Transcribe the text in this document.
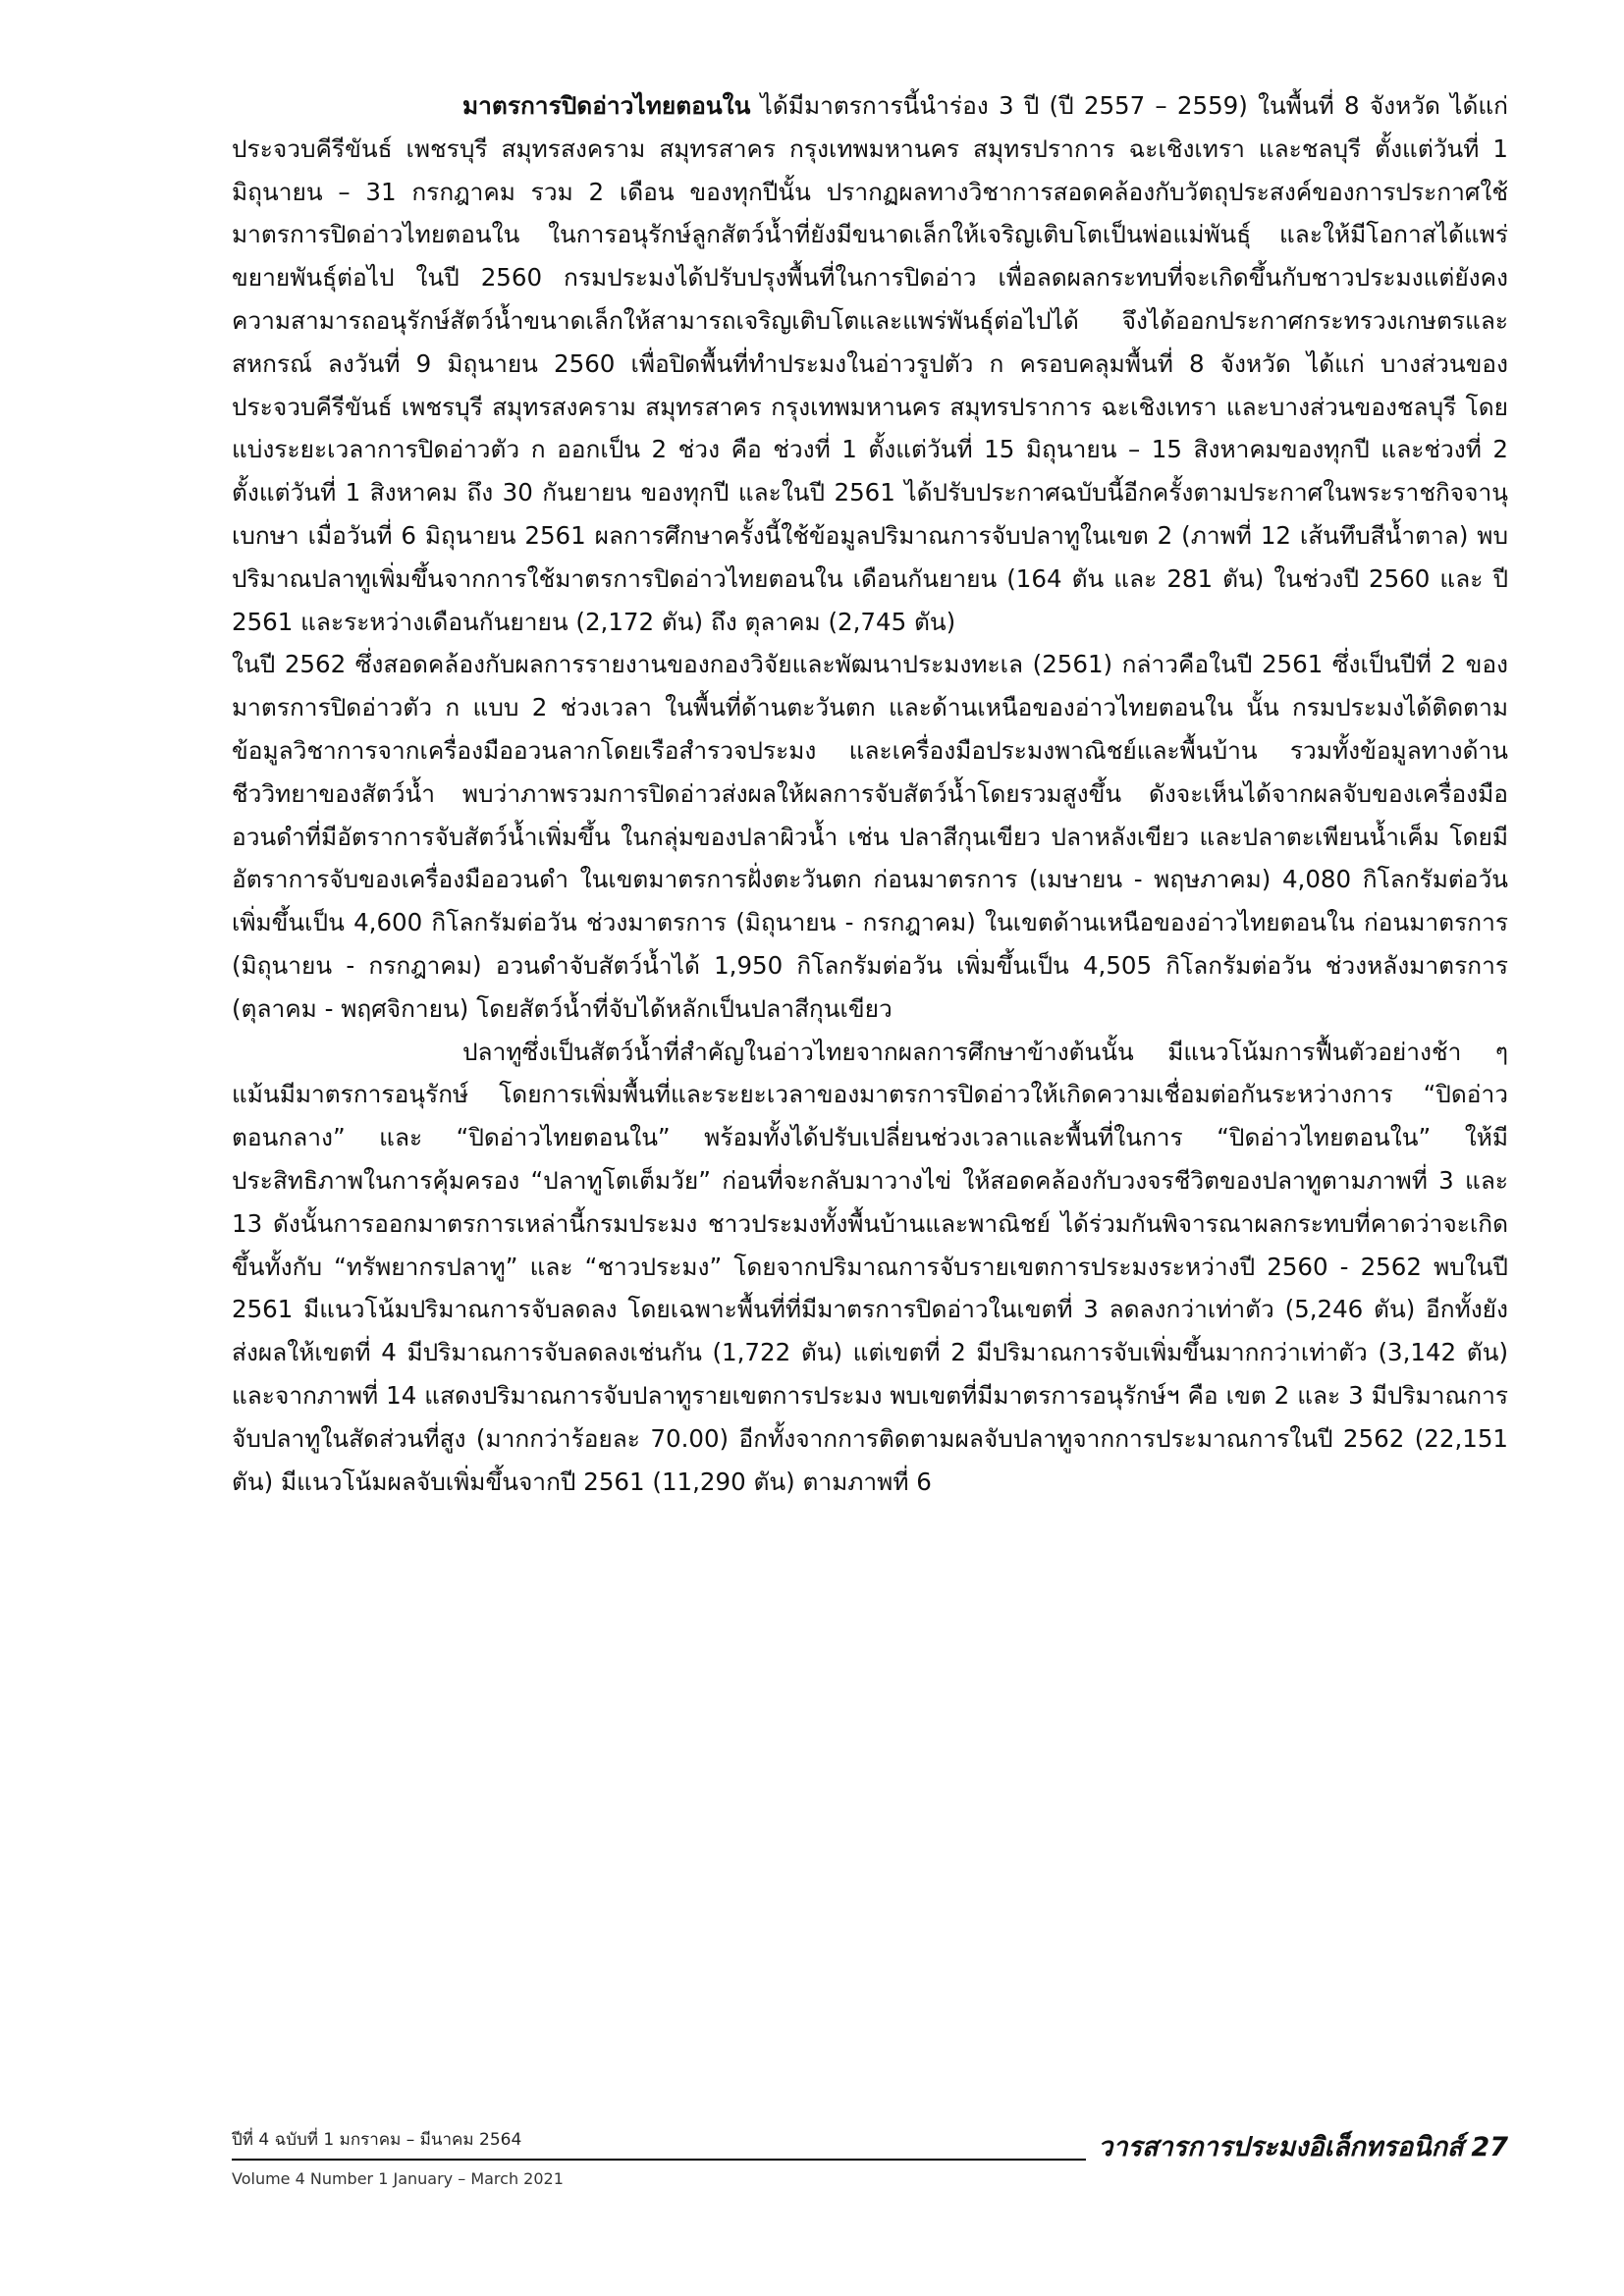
มาตรการปิดอ่าวไทยตอนใน ได้มีมาตรการนี้นำร่อง 3 ปี (ปี 2557 – 2559) ในพื้นที่ 8 จังหวัด ได้แก่ ประจวบคีรีขันธ์ เพชรบุรี สมุทรสงคราม สมุทรสาคร กรุงเทพมหานคร สมุทรปราการ ฉะเชิงเทรา และชลบุรี ตั้งแต่วันที่ 1 มิถุนายน – 31 กรกฎาคม รวม 2 เดือน ของทุกปีนั้น ปรากฏผลทางวิชาการสอดคล้องกับวัตถุประสงค์ของการประกาศใช้มาตรการปิดอ่าวไทยตอนใน ในการอนุรักษ์ลูกสัตว์น้ำที่ยังมีขนาดเล็กให้เจริญเติบโตเป็นพ่อแม่พันธุ์ และให้มีโอกาสได้แพร่ขยายพันธุ์ต่อไป ในปี 2560 กรมประมงได้ปรับปรุงพื้นที่ในการปิดอ่าว เพื่อลดผลกระทบที่จะเกิดขึ้นกับชาวประมงแต่ยังคงความสามารถอนุรักษ์สัตว์น้ำขนาดเล็กให้สามารถเจริญเติบโตและแพร่พันธุ์ต่อไปได้ จึงได้ออกประกาศกระทรวงเกษตรและสหกรณ์ ลงวันที่ 9 มิถุนายน 2560 เพื่อปิดพื้นที่ทำประมงในอ่าวรูปตัว ก ครอบคลุมพื้นที่ 8 จังหวัด ได้แก่ บางส่วนของประจวบคีรีขันธ์ เพชรบุรี สมุทรสงคราม สมุทรสาคร กรุงเทพมหานคร สมุทรปราการ ฉะเชิงเทรา และบางส่วนของชลบุรี โดยแบ่งระยะเวลาการปิดอ่าวตัว ก ออกเป็น 2 ช่วง คือ ช่วงที่ 1 ตั้งแต่วันที่ 15 มิถุนายน – 15 สิงหาคมของทุกปี และช่วงที่ 2 ตั้งแต่วันที่ 1 สิงหาคม ถึง 30 กันยายน ของทุกปี และในปี 2561 ได้ปรับประกาศฉบับนี้อีกครั้งตามประกาศในพระราชกิจจานุเบกษา เมื่อวันที่ 6 มิถุนายน 2561 ผลการศึกษาครั้งนี้ใช้ข้อมูลปริมาณการจับปลาทูในเขต 2 (ภาพที่ 12 เส้นทึบสีน้ำตาล) พบปริมาณปลาทูเพิ่มขึ้นจากการใช้มาตรการปิดอ่าวไทยตอนใน เดือนกันยายน (164 ตัน และ 281 ตัน) ในช่วงปี 2560 และ ปี 2561 และระหว่างเดือนกันยายน (2,172 ตัน) ถึง ตุลาคม (2,745 ตัน)

ในปี 2562 ซึ่งสอดคล้องกับผลการรายงานของกองวิจัยและพัฒนาประมงทะเล (2561) กล่าวคือในปี 2561 ซึ่งเป็นปีที่ 2 ของมาตรการปิดอ่าวตัว ก แบบ 2 ช่วงเวลา ในพื้นที่ด้านตะวันตก และด้านเหนือของอ่าวไทยตอนใน นั้น กรมประมงได้ติดตามข้อมูลวิชาการจากเครื่องมืออวนลากโดยเรือสำรวจประมง และเครื่องมือประมงพาณิชย์และพื้นบ้าน รวมทั้งข้อมูลทางด้านชีววิทยาของสัตว์น้ำ พบว่าภาพรวมการปิดอ่าวส่งผลให้ผลการจับสัตว์น้ำโดยรวมสูงขึ้น ดังจะเห็นได้จากผลจับของเครื่องมืออวนดำที่มีอัตราการจับสัตว์น้ำเพิ่มขึ้น ในกลุ่มของปลาผิวน้ำ เช่น ปลาสีกุนเขียว ปลาหลังเขียว และปลาตะเพียนน้ำเค็ม โดยมีอัตราการจับของเครื่องมืออวนดำ ในเขตมาตรการฝั่งตะวันตก ก่อนมาตรการ (เมษายน - พฤษภาคม) 4,080 กิโลกรัมต่อวัน เพิ่มขึ้นเป็น 4,600 กิโลกรัมต่อวัน ช่วงมาตรการ (มิถุนายน - กรกฎาคม) ในเขตด้านเหนือของอ่าวไทยตอนใน ก่อนมาตรการ (มิถุนายน - กรกฎาคม) อวนดำจับสัตว์น้ำได้ 1,950 กิโลกรัมต่อวัน เพิ่มขึ้นเป็น 4,505 กิโลกรัมต่อวัน ช่วงหลังมาตรการ (ตุลาคม - พฤศจิกายน) โดยสัตว์น้ำที่จับได้หลักเป็นปลาสีกุนเขียว

ปลาทูซึ่งเป็นสัตว์น้ำที่สำคัญในอ่าวไทยจากผลการศึกษาข้างต้นนั้น มีแนวโน้มการฟื้นตัวอย่างช้า ๆ แม้นมีมาตรการอนุรักษ์ โดยการเพิ่มพื้นที่และระยะเวลาของมาตรการปิดอ่าวให้เกิดความเชื่อมต่อกันระหว่างการ “ปิดอ่าวตอนกลาง” และ “ปิดอ่าวไทยตอนใน” พร้อมทั้งได้ปรับเปลี่ยนช่วงเวลาและพื้นที่ในการ “ปิดอ่าวไทยตอนใน” ให้มีประสิทธิภาพในการคุ้มครอง “ปลาทูโตเต็มวัย” ก่อนที่จะกลับมาวางไข่ ให้สอดคล้องกับวงจรชีวิตของปลาทูตามภาพที่ 3 และ 13 ดังนั้นการออกมาตรการเหล่านี้กรมประมง ชาวประมงทั้งพื้นบ้านและพาณิชย์ ได้ร่วมกันพิจารณาผลกระทบที่คาดว่าจะเกิดขึ้นทั้งกับ “ทรัพยากรปลาทู” และ “ชาวประมง” โดยจากปริมาณการจับรายเขตการประมงระหว่างปี 2560 - 2562 พบในปี 2561 มีแนวโน้มปริมาณการจับลดลง โดยเฉพาะพื้นที่ที่มีมาตรการปิดอ่าวในเขตที่ 3 ลดลงกว่าเท่าตัว (5,246 ตัน) อีกทั้งยังส่งผลให้เขตที่ 4 มีปริมาณการจับลดลงเช่นกัน (1,722 ตัน) แต่เขตที่ 2 มีปริมาณการจับเพิ่มขึ้นมากกว่าเท่าตัว (3,142 ตัน) และจากภาพที่ 14 แสดงปริมาณการจับปลาทูรายเขตการประมง พบเขตที่มีมาตรการอนุรักษ์ฯ คือ เขต 2 และ 3 มีปริมาณการจับปลาทูในสัดส่วนที่สูง (มากกว่าร้อยละ 70.00) อีกทั้งจากการติดตามผลจับปลาทูจากการประมาณการในปี 2562 (22,151 ตัน) มีแนวโน้มผลจับเพิ่มขึ้นจากปี 2561 (11,290 ตัน) ตามภาพที่ 6

ปีที่ 4 ฉบับที่ 1 มกราคม – มีนาคม 2564	วารสารการประมงอิเล็กทรอนิกส์ 27
Volume 4 Number 1 January – March 2021
